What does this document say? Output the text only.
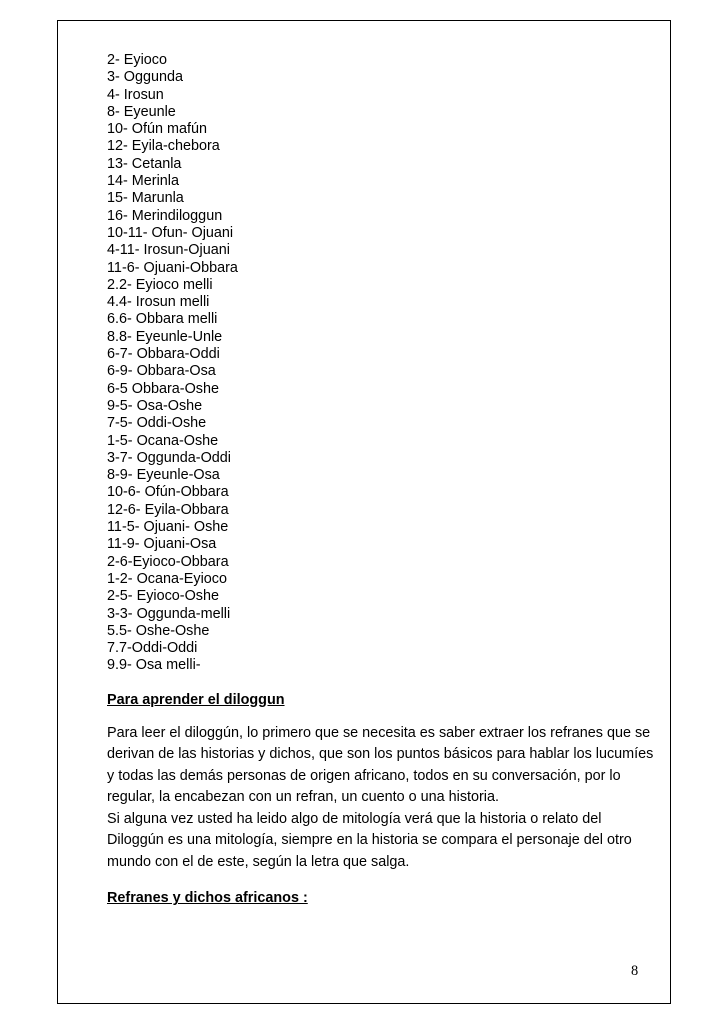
2- Eyioco
3- Oggunda
4- Irosun
8- Eyeunle
10- Ofún mafún
12- Eyila-chebora
13- Cetanla
14- Merinla
15- Marunla
16- Merindiloggun
10-11- Ofun- Ojuani
4-11- Irosun-Ojuani
11-6- Ojuani-Obbara
2.2- Eyioco melli
4.4- Irosun melli
6.6- Obbara melli
8.8- Eyeunle-Unle
6-7- Obbara-Oddi
6-9- Obbara-Osa
6-5 Obbara-Oshe
9-5- Osa-Oshe
7-5- Oddi-Oshe
1-5- Ocana-Oshe
3-7- Oggunda-Oddi
8-9- Eyeunle-Osa
10-6- Ofún-Obbara
12-6- Eyila-Obbara
11-5- Ojuani- Oshe
11-9- Ojuani-Osa
2-6-Eyioco-Obbara
1-2- Ocana-Eyioco
2-5- Eyioco-Oshe
3-3- Oggunda-melli
5.5- Oshe-Oshe
7.7-Oddi-Oddi
9.9- Osa melli-
Para aprender el diloggun
Para leer el diloggún, lo primero que se necesita es saber extraer los refranes que se derivan de las historias y dichos, que son los puntos básicos para hablar los lucumíes y todas las demás personas de origen africano, todos en su conversación, por lo regular, la encabezan con un refran, un cuento o una historia.
Si alguna vez usted ha leido algo de mitología verá que la historia o relato del Diloggún es una mitología, siempre en la historia se compara el personaje del otro mundo con el de este, según la letra que salga.
Refranes y dichos africanos :
8
